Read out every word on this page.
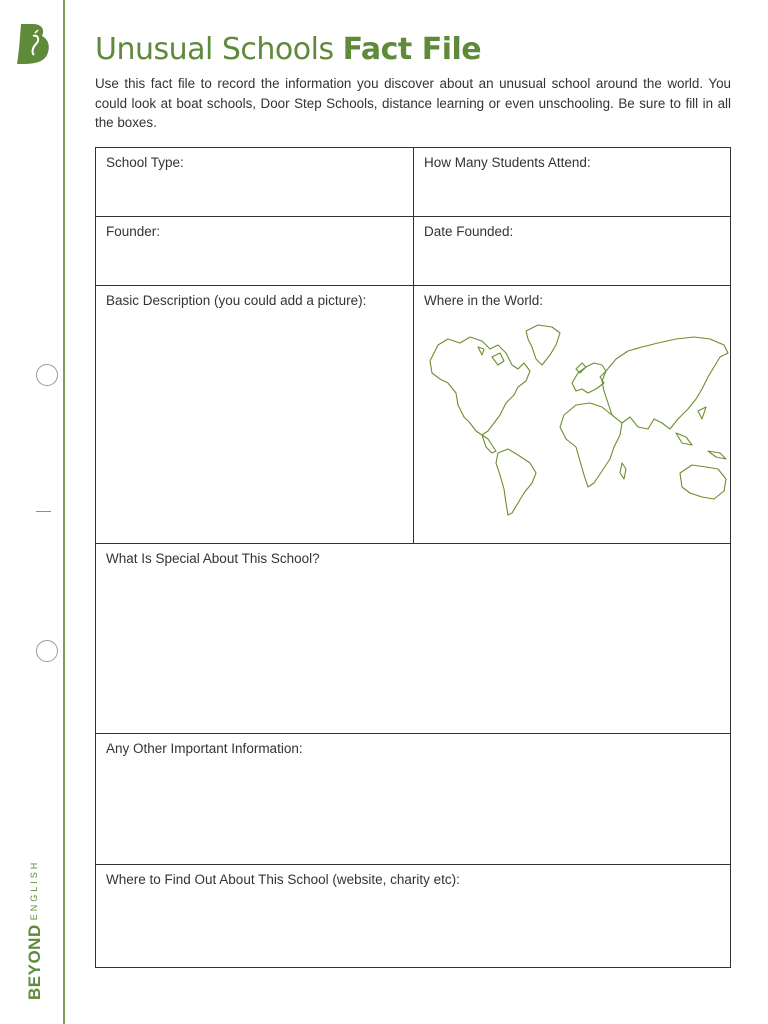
BEYONDENGLISH
Unusual Schools Fact File

Use this fact file to record the information you discover about an unusual school around the world. You could look at boat schools, Door Step Schools, distance learning or even unschooling. Be sure to fill in all the boxes.

School Type:	How Many Students Attend:
Founder:	Date Founded:
Basic Description (you could add a picture):	Where in the World:
What Is Special About This School?
Any Other Important Information:
Where to Find Out About This School (website, charity etc):
